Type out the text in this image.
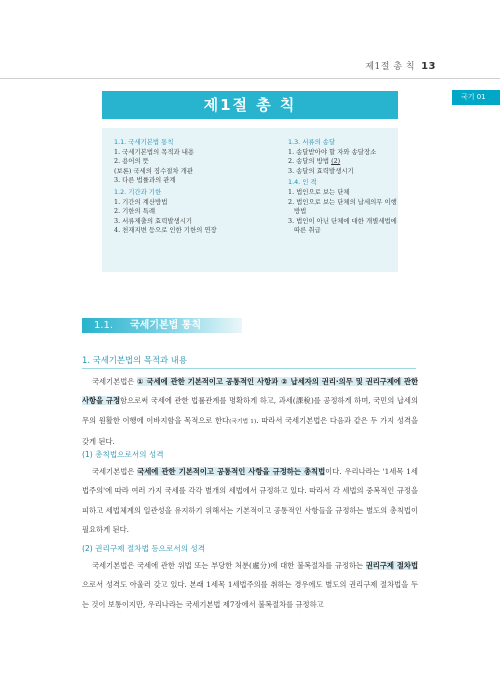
제1절 총 칙 13
국기 01
제1절 총 칙
1.1. 국세기본법 통칙
1. 국세기본법의 목적과 내용
2. 용어의 뜻
(보론) 국세의 징수절차 개관
3. 다른 법률과의 관계
1.2. 기간과 기한
1. 기간의 계산방법
2. 기한의 특례
3. 서류제출의 효력발생시기
4. 천재지변 등으로 인한 기한의 연장
1.3. 서류의 송달
1. 송달받아야 할 자와 송달장소
2. 송달의 방법 (2)
3. 송달의 효력발생시기
1.4. 인 격
1. 법인으로 보는 단체
2. 법인으로 보는 단체의 납세의무 이행
방법
3. 법인이 아닌 단체에 대한 개별세법에
따른 취급
1.1. 국세기본법 통칙
1. 국세기본법의 목적과 내용
국세기본법은 ① 국세에 관한 기본적이고 공통적인 사항과 ② 납세자의 권리·의무 및 권리구제에 관한 사항을 규정함으로써 국세에 관한 법률관계를 명확하게 하고, 과세(課稅)를 공정하게 하며, 국민의 납세의무의 원활한 이행에 이바지함을 목적으로 한다(국기법 1). 따라서 국세기본법은 다음과 같은 두 가지 성격을 갖게 된다.
(1) 총칙법으로서의 성격
국세기본법은 국세에 관한 기본적이고 공통적인 사항을 규정하는 총칙법이다. 우리나라는 '1세목 1세법주의'에 따라 여러 가지 국세를 각각 별개의 세법에서 규정하고 있다. 따라서 각 세법의 중복적인 규정을 피하고 세법체계의 일관성을 유지하기 위해서는 기본적이고 공통적인 사항들을 규정하는 별도의 총칙법이 필요하게 된다.
(2) 권리구제 절차법 등으로서의 성격
국세기본법은 국세에 관한 위법 또는 부당한 처분(處分)에 대한 불복절차를 규정하는 권리구제 절차법으로서 성격도 아울러 갖고 있다. 본래 1세목 1세법주의를 취하는 경우에도 별도의 권리구제 절차법을 두는 것이 보통이지만, 우리나라는 국세기본법 제7장에서 불복절차를 규정하고
